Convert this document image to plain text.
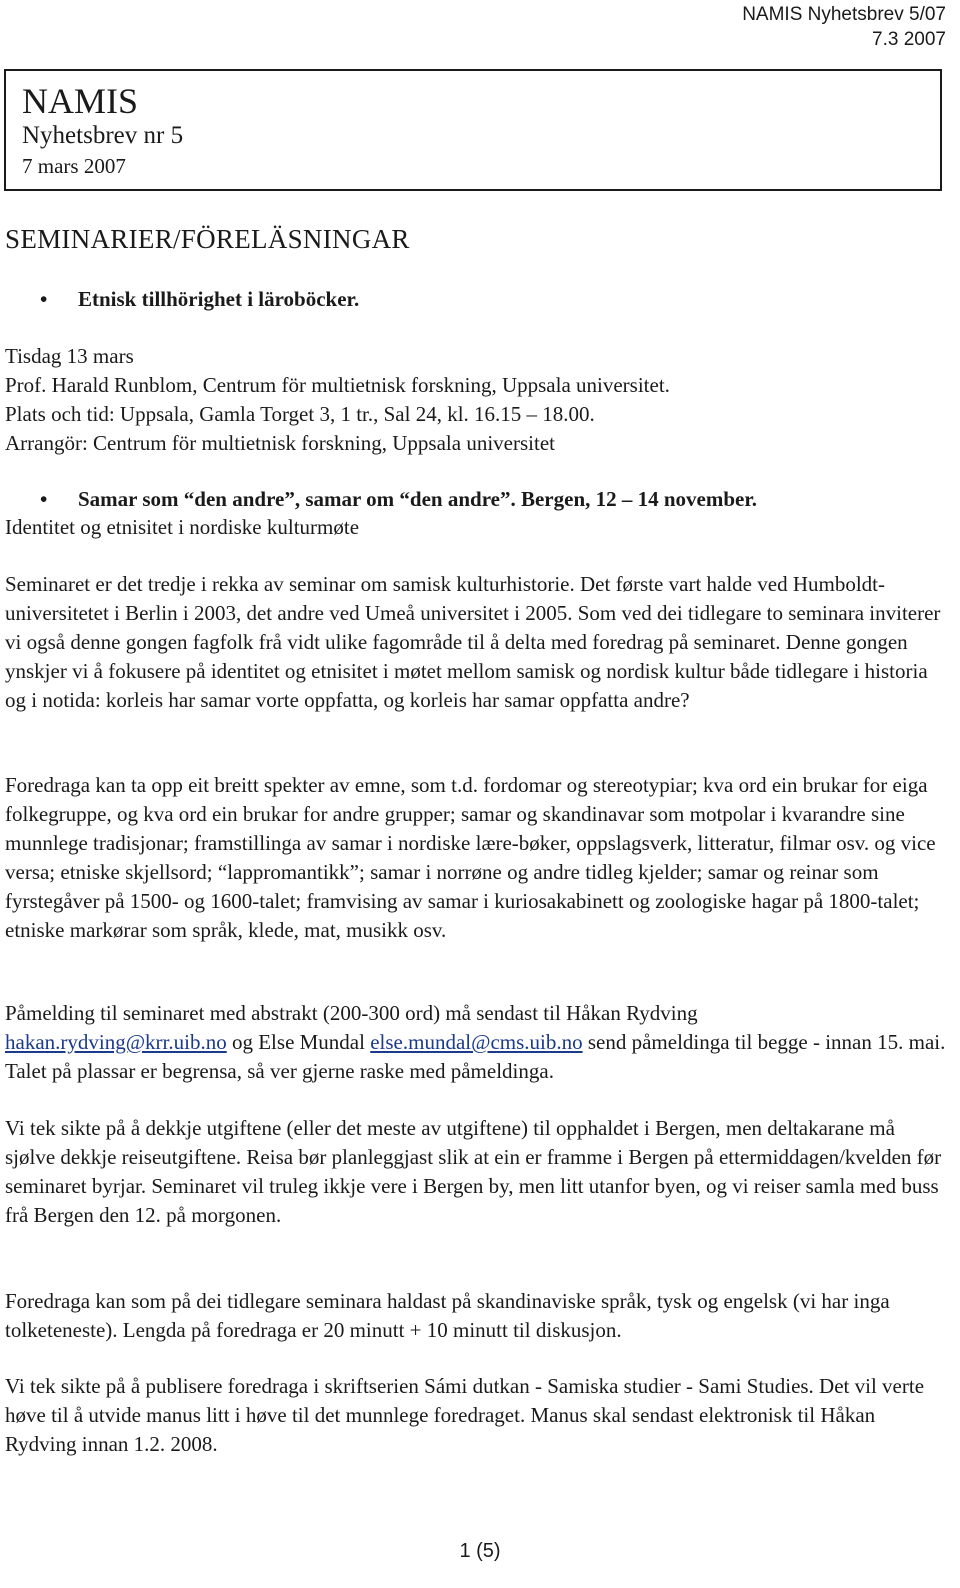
NAMIS Nyhetsbrev 5/07
7.3 2007
NAMIS
Nyhetsbrev nr 5
7 mars 2007
SEMINARIER/FÖRELÄSNINGAR
• Etnisk tillhörighet i läroböcker.
Tisdag 13 mars
Prof. Harald Runblom, Centrum för multietnisk forskning, Uppsala universitet.
Plats och tid: Uppsala, Gamla Torget 3, 1 tr., Sal 24, kl. 16.15 – 18.00.
Arrangör: Centrum för multietnisk forskning, Uppsala universitet
• Samar som “den andre”, samar om “den andre”. Bergen, 12 – 14 november.
Identitet og etnisitet i nordiske kulturmøte

Seminaret er det tredje i rekka av seminar om samisk kulturhistorie. Det første vart halde ved Humboldt-universitetet i Berlin i 2003, det andre ved Umeå universitet i 2005. Som ved dei tidlegare to seminara inviterer vi også denne gongen fagfolk frå vidt ulike fagområde til å delta med foredrag på seminaret. Denne gongen ynskjer vi å fokusere på identitet og etnisitet i møtet mellom samisk og nordisk kultur både tidlegare i historia og i notida: korleis har samar vorte oppfatta, og korleis har samar oppfatta andre?

Foredraga kan ta opp eit breitt spekter av emne, som t.d. fordomar og stereotypiar; kva ord ein brukar for eiga folkegruppe, og kva ord ein brukar for andre grupper; samar og skandinavar som motpolar i kvarandre sine munnlege tradisjonar; framstillinga av samar i nordiske lære-bøker, oppslagsverk, litteratur, filmar osv. og vice versa; etniske skjellsord; “lappromantikk”; samar i norrøne og andre tidleg kjelder; samar og reinar som fyrstegåver på 1500- og 1600-talet; framvising av samar i kuriosakabinett og zoologiske hagar på 1800-talet; etniske markørar som språk, klede, mat, musikk osv.

Påmelding til seminaret med abstrakt (200-300 ord) må sendast til Håkan Rydving
hakan.rydving@krr.uib.no og Else Mundal else.mundal@cms.uib.no send påmeldinga til begge - innan 15. mai. Talet på plassar er begrensa, så ver gjerne raske med påmeldinga.

Vi tek sikte på å dekkje utgiftene (eller det meste av utgiftene) til opphaldet i Bergen, men deltakarane må sjølve dekkje reiseutgiftene. Reisa bør planleggjast slik at ein er framme i Bergen på ettermiddagen/kvelden før seminaret byrjar. Seminaret vil truleg ikkje vere i Bergen by, men litt utanfor byen, og vi reiser samla med buss frå Bergen den 12. på morgonen.

Foredraga kan som på dei tidlegare seminara haldast på skandinaviske språk, tysk og engelsk (vi har inga tolketeneste). Lengda på foredraga er 20 minutt + 10 minutt til diskusjon.

Vi tek sikte på å publisere foredraga i skriftserien Sámi dutkan - Samiska studier - Sami Studies. Det vil verte høve til å utvide manus litt i høve til det munnlege foredraget. Manus skal sendast elektronisk til Håkan Rydving innan 1.2. 2008.

1 (5)
